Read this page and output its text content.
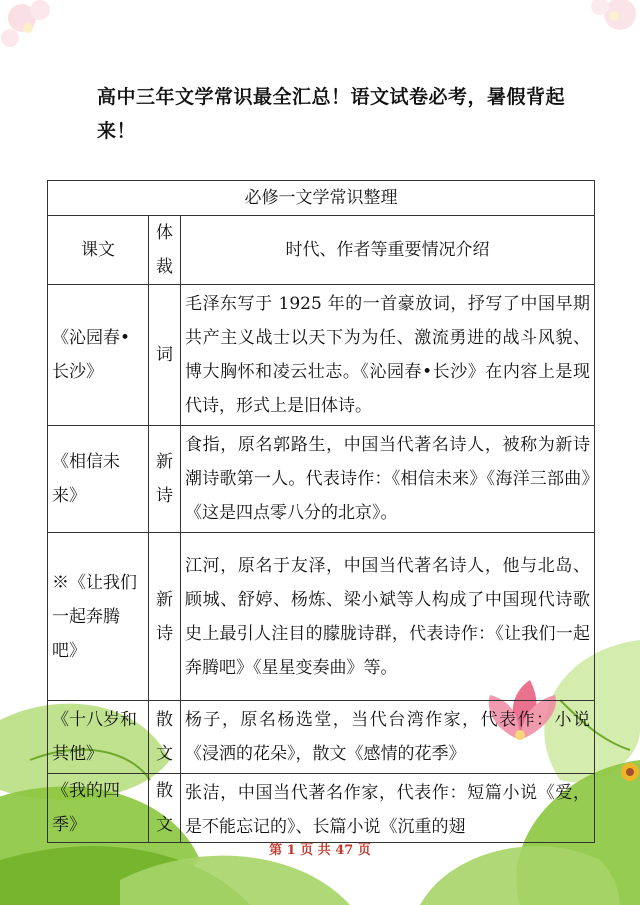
高中三年文学常识最全汇总！语文试卷必考，暑假背起来！
必修一文学常识整理		
课文	体裁	时代、作者等重要情况介绍
《沁园春•长沙》	词	毛泽东写于 1925 年的一首豪放词，抒写了中国早期共产主义战士以天下为为任、激流勇进的战斗风貌、博大胸怀和凌云壮志。《沁园春•长沙》在内容上是现代诗，形式上是旧体诗。
《相信未来》	新诗	食指，原名郭路生，中国当代著名诗人，被称为新诗潮诗歌第一人。代表诗作：《相信未来》《海洋三部曲》《这是四点零八分的北京》。
※《让我们一起奔腾吧》	新诗	江河，原名于友泽，中国当代著名诗人，他与北岛、顾城、舒婷、杨炼、梁小斌等人构成了中国现代诗歌史上最引人注目的朦胧诗群，代表诗作：《让我们一起奔腾吧》《星星变奏曲》等。
《十八岁和其他》	散文	杨子，原名杨选堂，当代台湾作家，代表作：小说《浸洒的花朵》，散文《感情的花季》
《我的四季》	散文	张洁，中国当代著名作家，代表作：短篇小说《爱，是不能忘记的》、长篇小说《沉重的翅
第 1 页 共 47 页
